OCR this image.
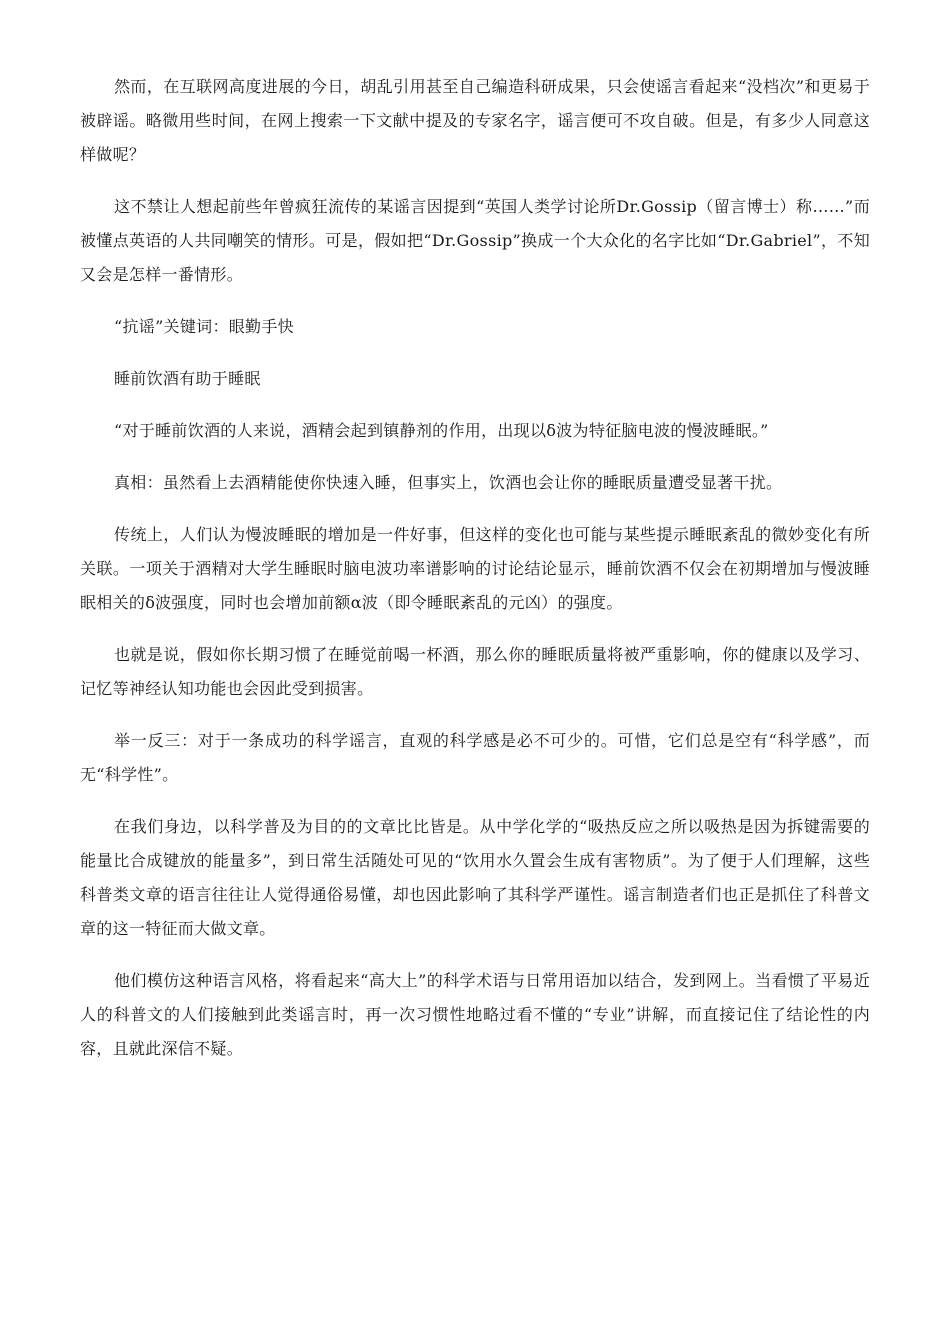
然而，在互联网高度进展的今日，胡乱引用甚至自己编造科研成果，只会使谣言看起来“没档次”和更易于被辟谣。略微用些时间，在网上搜索一下文献中提及的专家名字，谣言便可不攻自破。但是，有多少人同意这样做呢？

这不禁让人想起前些年曾疯狂流传的某谣言因提到“英国人类学讨论所Dr.Gossip（留言博士）称……”而被懂点英语的人共同嘲笑的情形。可是，假如把“Dr.Gossip”换成一个大众化的名字比如“Dr.Gabriel”，不知又会是怎样一番情形。

“抗谣”关键词：眼勤手快

睡前饮酒有助于睡眠

“对于睡前饮酒的人来说，酒精会起到镇静剂的作用，出现以δ波为特征脑电波的慢波睡眠。”

真相：虽然看上去酒精能使你快速入睡，但事实上，饮酒也会让你的睡眠质量遭受显著干扰。

传统上，人们认为慢波睡眠的增加是一件好事，但这样的变化也可能与某些提示睡眠紊乱的微妙变化有所关联。一项关于酒精对大学生睡眠时脑电波功率谱影响的讨论结论显示，睡前饮酒不仅会在初期增加与慢波睡眠相关的δ波强度，同时也会增加前额α波（即令睡眠紊乱的元凶）的强度。

也就是说，假如你长期习惯了在睡觉前喝一杯酒，那么你的睡眠质量将被严重影响，你的健康以及学习、记忆等神经认知功能也会因此受到损害。

举一反三：对于一条成功的科学谣言，直观的科学感是必不可少的。可惜，它们总是空有“科学感”，而无“科学性”。

在我们身边，以科学普及为目的的文章比比皆是。从中学化学的“吸热反应之所以吸热是因为拆键需要的能量比合成键放的能量多”，到日常生活随处可见的“饮用水久置会生成有害物质”。为了便于人们理解，这些科普类文章的语言往往让人觉得通俗易懂，却也因此影响了其科学严谨性。谣言制造者们也正是抓住了科普文章的这一特征而大做文章。

他们模仿这种语言风格，将看起来“高大上”的科学术语与日常用语加以结合，发到网上。当看惯了平易近人的科普文的人们接触到此类谣言时，再一次习惯性地略过看不懂的“专业”讲解，而直接记住了结论性的内容，且就此深信不疑。
